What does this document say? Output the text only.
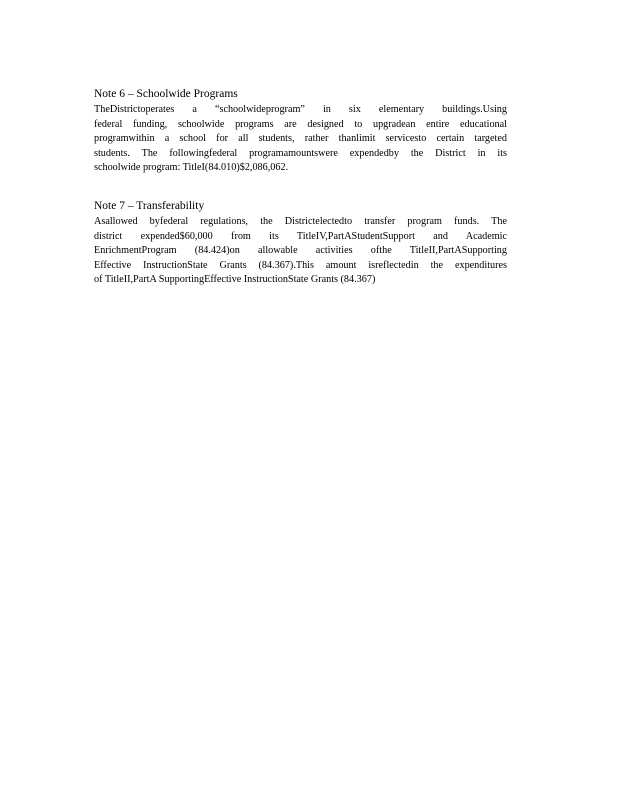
Note 6 – Schoolwide Programs
TheDistrictoperates a “schoolwideprogram” in six elementary buildings.Using
federal funding, schoolwide programs are designed to upgradean entire educational
programwithin a school for all students, rather thanlimit servicesto certain targeted
students. The followingfederal programamountswere expendedby the District in its
schoolwide program: TitleI(84.010)$2,086,062.
Note 7 – Transferability
Asallowed byfederal regulations, the Districtelectedto transfer program funds. The
district expended$60,000 from its TitleIV,PartAStudentSupport and Academic
EnrichmentProgram (84.424)on allowable activities ofthe TitleII,PartASupporting
Effective InstructionState Grants (84.367).This amount isreflectedin the expenditures
of TitleII,PartA SupportingEffective InstructionState Grants (84.367)
